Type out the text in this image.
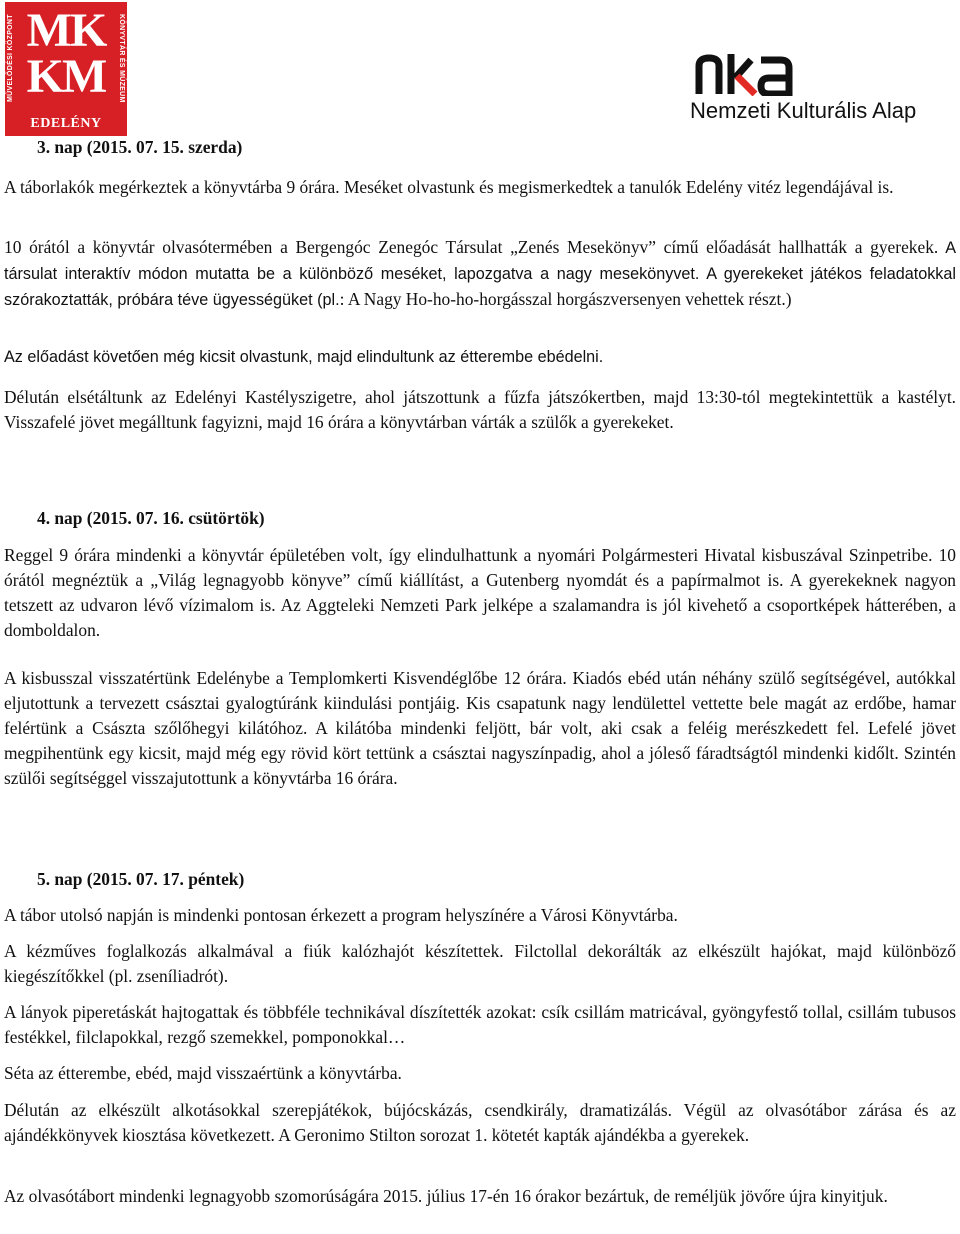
MŰVELŐDÉSI KÖZPONT MK
KM	KÖNYVTÁR ÉS MÚZEUM
EDELÉNY
Nemzeti Kulturális Alap
3. nap (2015. 07. 15. szerda)
A táborlakók megérkeztek a könyvtárba 9 órára. Meséket olvastunk és megismerkedtek a tanulók Edelény vitéz legendájával is.
10 órától a könyvtár olvasótermében a Bergengóc Zenegóc Társulat „Zenés Mesekönyv” című előadását hallhatták a gyerekek. A társulat interaktív módon mutatta be a különböző meséket, lapozgatva a nagy mesekönyvet. A gyerekeket játékos feladatokkal szórakoztatták, próbára téve ügyességüket (pl.: A Nagy Ho-ho-ho-horgásszal horgászversenyen vehettek részt.)
Az előadást követően még kicsit olvastunk, majd elindultunk az étterembe ebédelni.
Délután elsétáltunk az Edelényi Kastélyszigetre, ahol játszottunk a fűzfa játszókertben, majd 13:30-tól megtekintettük a kastélyt. Visszafelé jövet megálltunk fagyizni, majd 16 órára a könyvtárban várták a szülők a gyerekeket.
4. nap (2015. 07. 16. csütörtök)
Reggel 9 órára mindenki a könyvtár épületében volt, így elindulhattunk a nyomári Polgármesteri Hivatal kisbuszával Szinpetribe. 10 órától megnéztük a „Világ legnagyobb könyve” című kiállítást, a Gutenberg nyomdát és a papírmalmot is. A gyerekeknek nagyon tetszett az udvaron lévő vízimalom is. Az Aggteleki Nemzeti Park jelképe a szalamandra is jól kivehető a csoportképek hátterében, a domboldalon.
A kisbusszal visszatértünk Edelénybe a Templomkerti Kisvendéglőbe 12 órára. Kiadós ebéd után néhány szülő segítségével, autókkal eljutottunk a tervezett császtai gyalogtúránk kiindulási pontjáig. Kis csapatunk nagy lendülettel vettette bele magát az erdőbe, hamar felértünk a Császta szőlőhegyi kilátóhoz. A kilátóba mindenki feljött, bár volt, aki csak a feléig merészkedett fel. Lefelé jövet megpihentünk egy kicsit, majd még egy rövid kört tettünk a császtai nagyszínpadig, ahol a jóleső fáradtságtól mindenki kidőlt. Szintén szülői segítséggel visszajutottunk a könyvtárba 16 órára.
5. nap (2015. 07. 17. péntek)
A tábor utolsó napján is mindenki pontosan érkezett a program helyszínére a Városi Könyvtárba.
A kézműves foglalkozás alkalmával a fiúk kalózhajót készítettek. Filctollal dekorálták az elkészült hajókat, majd különböző kiegészítőkkel (pl. zseníliadrót).
A lányok piperetáskát hajtogattak és többféle technikával díszítették azokat: csík csillám matricával, gyöngyfestő tollal, csillám tubusos festékkel, filclapokkal, rezgő szemekkel, pomponokkal…
Séta az étterembe, ebéd, majd visszaértünk a könyvtárba.
Délután az elkészült alkotásokkal szerepjátékok, bújócskázás, csendkirály, dramatizálás. Végül az olvasótábor zárása és az ajándékkönyvek kiosztása következett. A Geronimo Stilton sorozat 1. kötetét kapták ajándékba a gyerekek.
Az olvasótábort mindenki legnagyobb szomorúságára 2015. július 17-én 16 órakor bezártuk, de reméljük jövőre újra kinyitjuk.
